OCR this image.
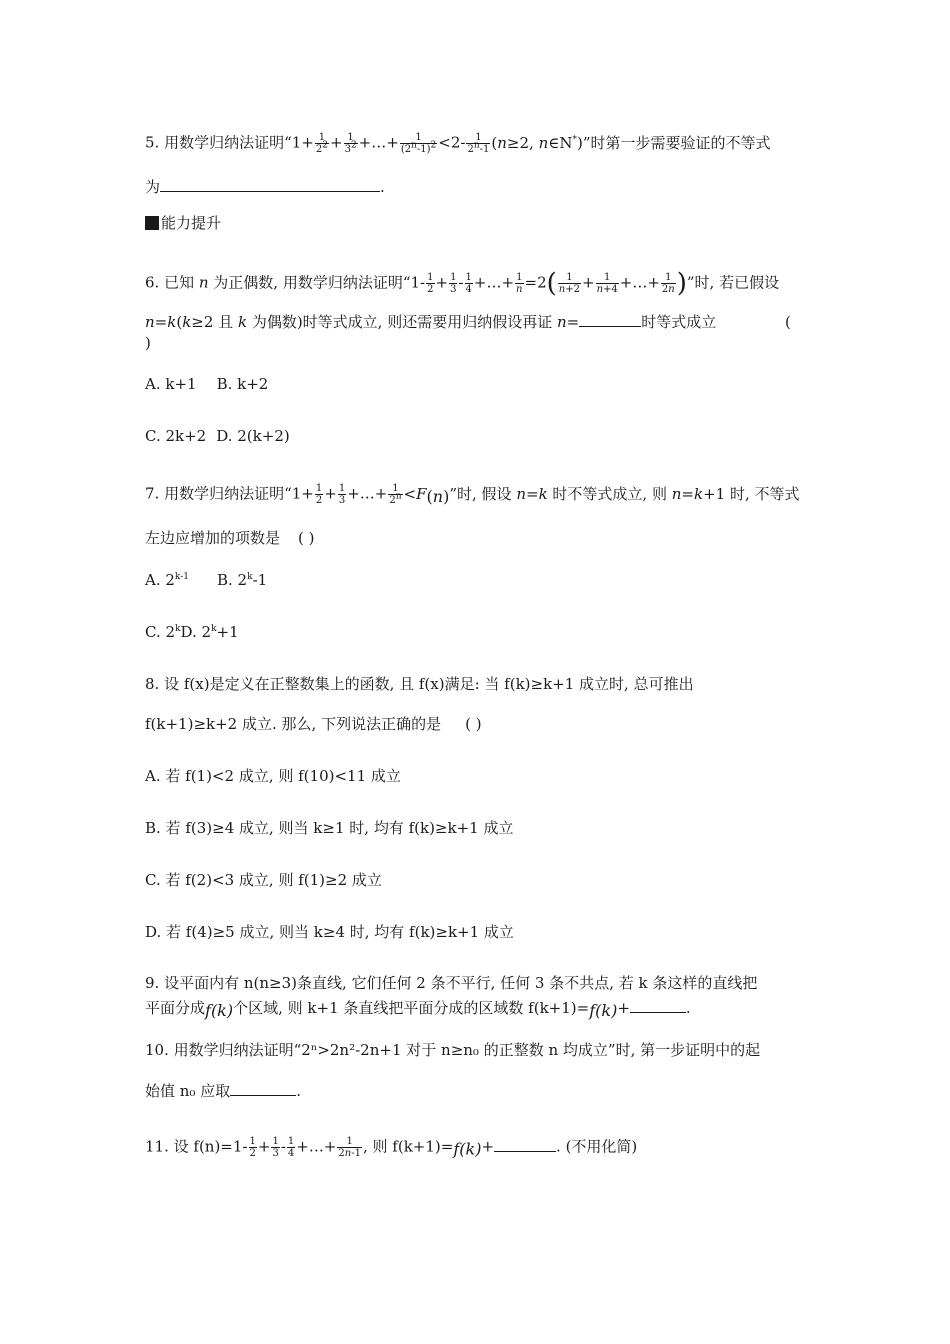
5. 用数学归纳法证明“$1+ \frac{1}{2^2} + \frac{1}{3^2}$ +…+ $\frac{1}{(2^n-1)^2} <2- \frac{1}{2^n-1} (n\ge 2$, n∈N*)”时第一步需要验证的不等式
为	.
能力提升
6. 已知 n 为正偶数, 用数学归纳法证明“$1- \frac{1}{2} + \frac{1}{3} - \frac{1}{4}$ +…+ $\frac{1}{n} =2( \frac{1}{n+2} + \frac{1}{n+4}$ +…+ $\frac{1}{2n}$ )”时, 若已假设
n=k(k≥2 且 k 为偶数)时等式成立, 则还需要用归纳假设再证 n=	时等式成立	(
)
A. k+1 B. k+2
C. 2k+2 D. 2(k+2)
7. 用数学归纳法证明“$1+ \frac{1}{2} + \frac{1}{3}$ +…+ $\frac{1}{2^n} <F(n)$”时, 假设 n=k 时不等式成立, 则 n=k+1 时, 不等式
左边应增加的项数是 ( )
A. 2$^{k-1}$ B. 2$^k$-1
C. 2$^k$D. $2^k+1$
8. 设 f(x)是定义在正整数集上的函数, 且 f(x)满足: 当 f(k)≥k+1 成立时, 总可推出
f(k+1)≥k+2 成立. 那么, 下列说法正确的是 ( )
A. 若 f(1)<2 成立, 则 f(10)<11 成立
B. 若 f(3)≥4 成立, 则当 k≥1 时, 均有 f(k)≥k+1 成立
C. 若 f(2)<3 成立, 则 f(1)≥2 成立
D. 若 f(4)≥5 成立, 则当 k≥4 时, 均有 f(k)≥k+1 成立
9. 设平面内有 n(n≥3)条直线, 它们任何 2 条不平行, 任何 3 条不共点, 若 k 条这样的直线把
平面分成f(k)个区域, 则 k+1 条直线把平面分成的区域数 f(k+1)=f(k)+	.
10. 用数学归纳法证明“2ⁿ>2n²-2n+1 对于 n≥n₀ 的正整数 n 均成立”时, 第一步证明中的起
始值 n₀ 应取	.
11. 设 $f(n)=1- \frac{1}{2} + \frac{1}{3} - \frac{1}{4}$ +…+ $\frac{1}{2n-1}$ , 则 f(k+1)=f(k)+	. (不用化简)
